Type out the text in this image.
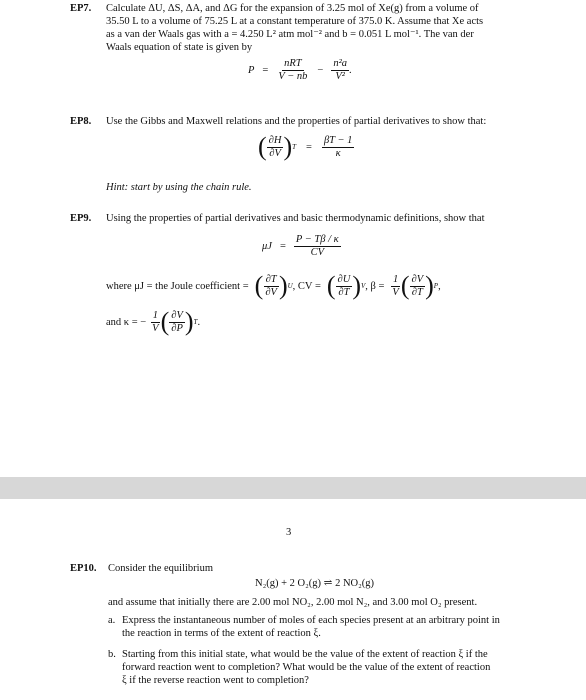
EP7. Calculate ΔU, ΔS, ΔA, and ΔG for the expansion of 3.25 mol of Xe(g) from a volume of
35.50 L to a volume of 75.25 L at a constant temperature of 375.0 K. Assume that Xe acts
as a van der Waals gas with a = 4.250 L² atm mol⁻² and b = 0.051 L mol⁻¹. The van der
Waals equation of state is given by
$P = \frac{\text{nRT}}{V - nb} - \frac{\text{n²a}}{\text{V²}}$ .
EP8. Use the Gibbs and Maxwell relations and the properties of partial derivatives to show that:
( $\frac{\partial H}{\partial V}$ ) $T = \frac{\beta T - 1}{\kappa}$
Hint: start by using the chain rule.
EP9. Using the properties of partial derivatives and basic thermodynamic definitions, show that
$\mu J = \frac{P - T\beta / \kappa}{CV}$
where μJ = the Joule coefficient = ( $\frac{\partial T}{\partial V}$ ) U , CV = ( $\frac{\partial U}{\partial T}$ ) V , $\beta = \frac{1}{V}$ ( $\frac{\partial V}{\partial T}$ ) P ,
and κ = − $\frac{1}{V}$ ( $\frac{\partial V}{\partial P}$ ) T .
3
EP10. Consider the equilibrium
N₂(g) + 2 O₂(g) ⇌ 2 NO₂(g)
and assume that initially there are 2.00 mol NO₂, 2.00 mol N₂, and 3.00 mol O₂ present.
a. Express the instantaneous number of moles of each species present at an arbitrary point in
the reaction in terms of the extent of reaction ξ.
b. Starting from this initial state, what would be the value of the extent of reaction ξ if the
forward reaction went to completion? What would be the value of the extent of reaction
ξ if the reverse reaction went to completion?
